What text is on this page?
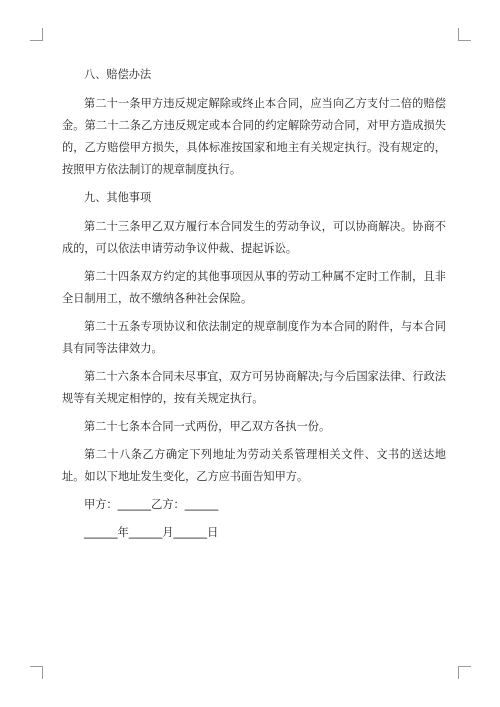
八、赔偿办法

第二十一条甲方违反规定解除或终止本合同，应当向乙方支付二倍的赔偿金。第二十二条乙方违反规定或本合同的约定解除劳动合同，对甲方造成损失的，乙方赔偿甲方损失，具体标准按国家和地主有关规定执行。没有规定的，按照甲方依法制订的规章制度执行。

九、其他事项

第二十三条甲乙双方履行本合同发生的劳动争议，可以协商解决。协商不成的，可以依法申请劳动争议仲裁、提起诉讼。

第二十四条双方约定的其他事项因从事的劳动工种属不定时工作制，且非全日制用工，故不缴纳各种社会保险。

第二十五条专项协议和依法制定的规章制度作为本合同的附件，与本合同具有同等法律效力。

第二十六条本合同未尽事宜，双方可另协商解决;与今后国家法律、行政法规等有关规定相悖的，按有关规定执行。

第二十七条本合同一式两份，甲乙双方各执一份。

第二十八条乙方确定下列地址为劳动关系管理相关文件、文书的送达地址。如以下地址发生变化，乙方应书面告知甲方。

甲方：______乙方：______
______年______月______日
